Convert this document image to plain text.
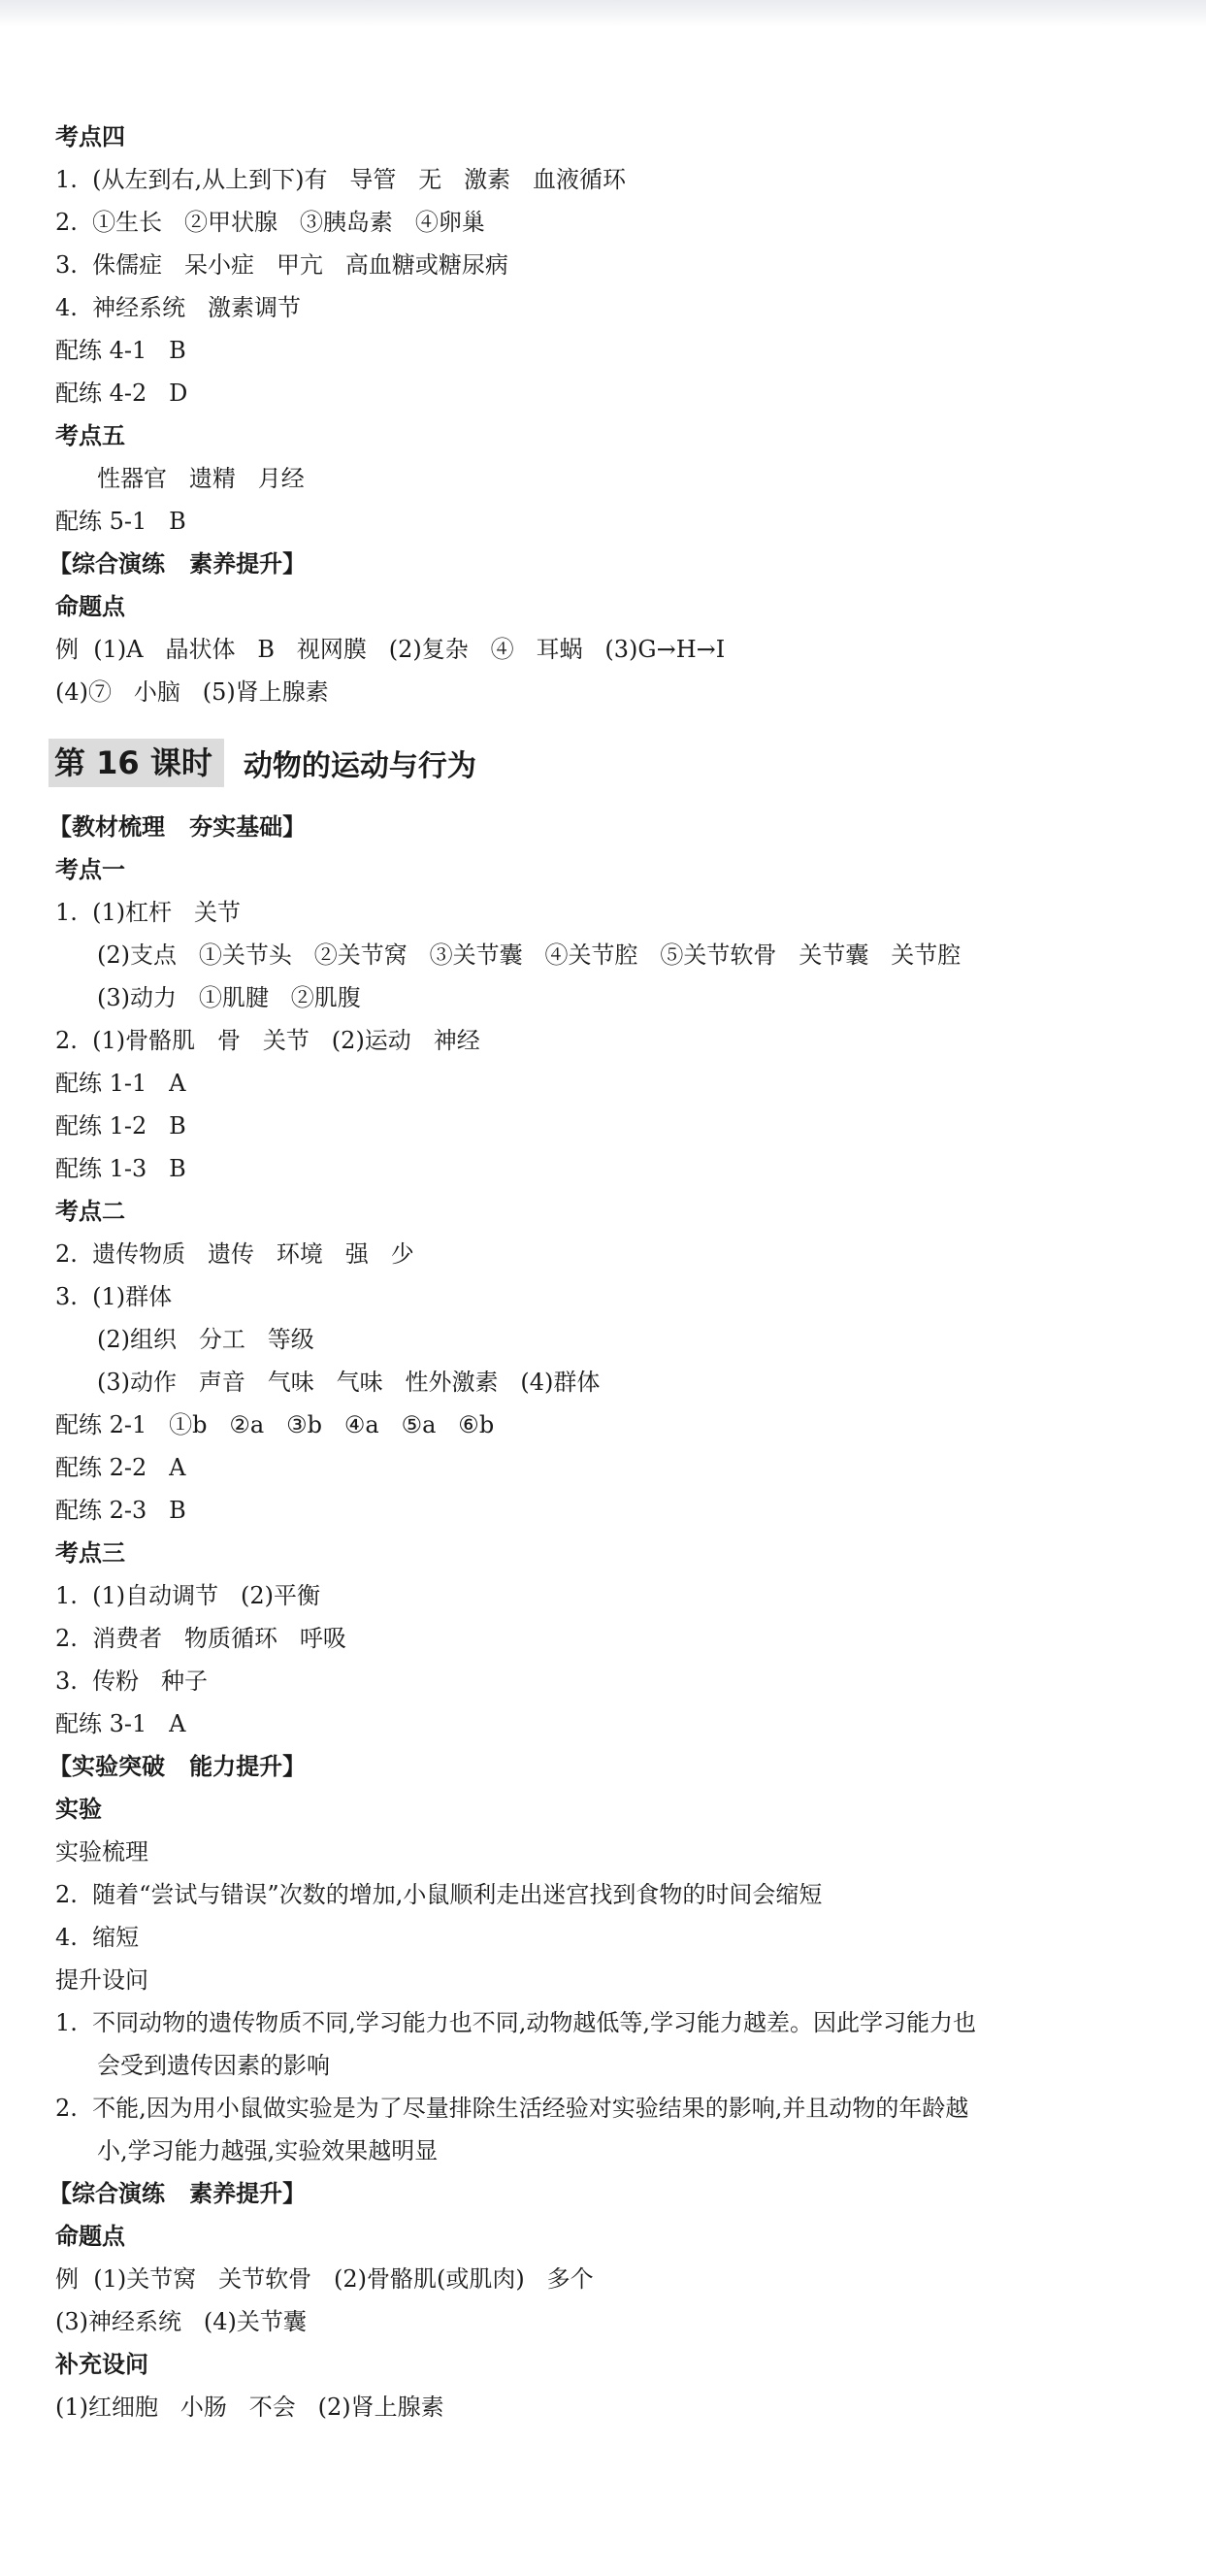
考点四
1.  (从左到右,从上到下)有   导管   无   激素   血液循环
2.  ①生长   ②甲状腺   ③胰岛素   ④卵巢
3.  侏儒症   呆小症   甲亢   高血糖或糖尿病
4.  神经系统   激素调节
配练 4-1   B
配练 4-2   D
考点五
性器官   遗精   月经
配练 5-1   B
【综合演练   素养提升】
命题点
例  (1)A   晶状体   B   视网膜   (2)复杂   ④   耳蜗   (3)G→H→I
(4)⑦   小脑   (5)肾上腺素
第 16 课时	动物的运动与行为
【教材梳理   夯实基础】
考点一
1.  (1)杠杆   关节
(2)支点   ①关节头   ②关节窝   ③关节囊   ④关节腔   ⑤关节软骨   关节囊   关节腔
(3)动力   ①肌腱   ②肌腹
2.  (1)骨骼肌   骨   关节   (2)运动   神经
配练 1-1   A
配练 1-2   B
配练 1-3   B
考点二
2.  遗传物质   遗传   环境   强   少
3.  (1)群体
(2)组织   分工   等级
(3)动作   声音   气味   气味   性外激素   (4)群体
配练 2-1   ①b   ②a   ③b   ④a   ⑤a   ⑥b
配练 2-2   A
配练 2-3   B
考点三
1.  (1)自动调节   (2)平衡
2.  消费者   物质循环   呼吸
3.  传粉   种子
配练 3-1   A
【实验突破   能力提升】
实验
实验梳理
2.  随着“尝试与错误”次数的增加,小鼠顺利走出迷宫找到食物的时间会缩短
4.  缩短
提升设问
1.  不同动物的遗传物质不同,学习能力也不同,动物越低等,学习能力越差。因此学习能力也
会受到遗传因素的影响
2.  不能,因为用小鼠做实验是为了尽量排除生活经验对实验结果的影响,并且动物的年龄越
小,学习能力越强,实验效果越明显
【综合演练   素养提升】
命题点
例  (1)关节窝   关节软骨   (2)骨骼肌(或肌肉)   多个
(3)神经系统   (4)关节囊
补充设问
(1)红细胞   小肠   不会   (2)肾上腺素
